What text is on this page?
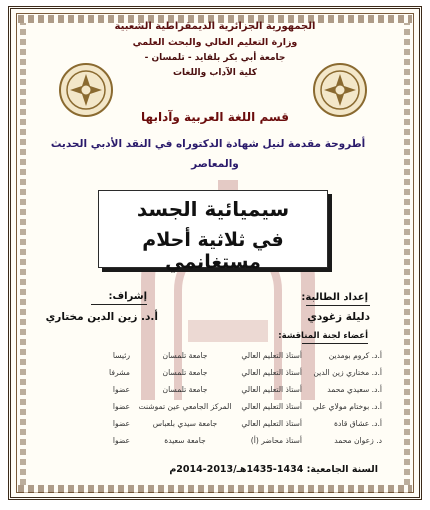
الجمهورية الجزائرية الديمقراطية الشعبية
وزارة التعليم العالي والبحث العلمي
جامعة أبي بكر بلقايد - تلمسان -
كلية الآداب واللغات
قسم اللغة العربية وآدابها
أطروحة مقدمة لنيل شهادة الدكتوراه في النقد الأدبي الحديث
والمعاصر
سيميائية الجسد
في ثلاثية أحلام مستغانمي
إعداد الطالبة:
دليلة زغودي
إشراف:
أ.د. زين الدين مختاري
أعضاء لجنة المناقشة:
أ.د. كروم بومدين
أستاذ التعليم العالي
جامعة تلمسان
رئيسا
أ.د. مختاري زين الدين
أستاذ التعليم العالي
جامعة تلمسان
مشرفا
أ.د. سعيدي محمد
أستاذ التعليم العالي
جامعة تلمسان
عضوا
أ.د. بوختام مولاي علي
أستاذ التعليم العالي
المركز الجامعي عين تموشنت
عضوا
أ.د. عشاق قادة
أستاذ التعليم العالي
جامعة سيدي بلعباس
عضوا
د. زعوان محمد
أستاذ محاضر (أ)
جامعة سعيدة
عضوا
السنة الجامعية: 1434-1435هـ/2013-2014م
